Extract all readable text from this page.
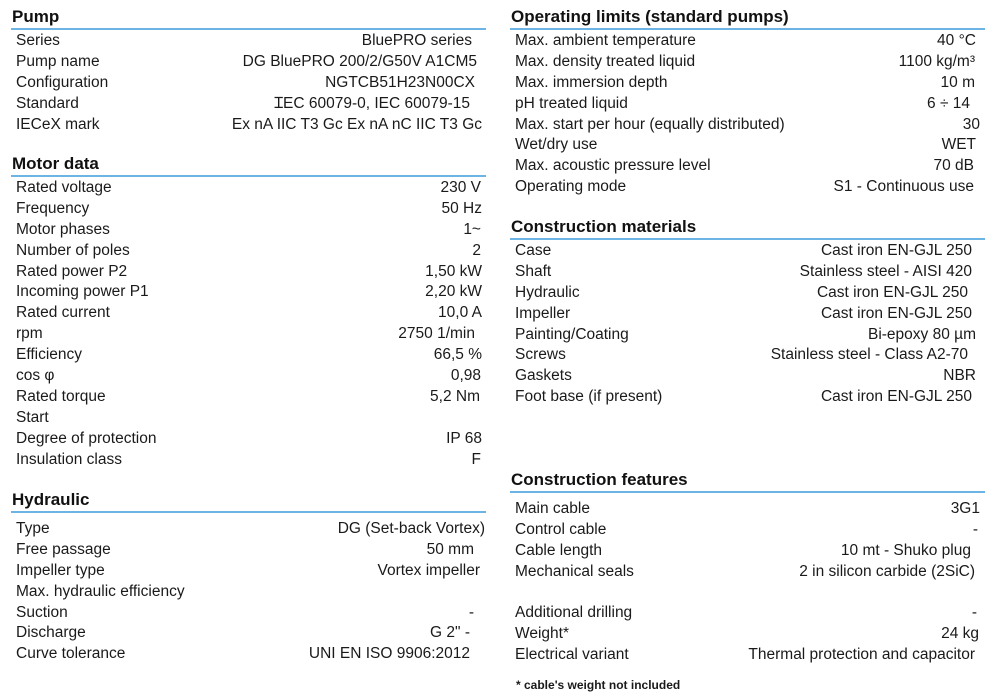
Pump
Series	BluePRO series
Pump name	DG BluePRO 200/2/G50V A1CM5
Configuration	NGTCB51H23N00CX
Standard	ꞮEC 60079-0, IEC 60079-15
IECeX mark	Ex nA IIC T3 Gc Ex nA nC IIC T3 Gc
Motor data
Rated voltage	230 V
Frequency	50 Hz
Motor phases	1~
Number of poles	2
Rated power P2	1,50 kW
Incoming power P1	2,20 kW
Rated current	10,0 A
rpm	2750 1/min
Efficiency	66,5 %
cos φ	0,98
Rated torque	5,2 Nm
Start
Degree of protection	IP 68
Insulation class	F
Hydraulic
Type	DG (Set-back Vortex)
Free passage	50 mm
Impeller type	Vortex impeller
Max. hydraulic efficiency
Suction	-
Discharge	G 2" -
Curve tolerance	UNI EN ISO 9906:2012
Operating limits (standard pumps)
Max. ambient temperature	40 °C
Max. density treated liquid	1100 kg/m³
Max. immersion depth	10 m
pH treated liquid	6 ÷ 14
Max. start per hour (equally distributed)	30
Wet/dry use	WET
Max. acoustic pressure level	70 dB
Operating mode	S1 - Continuous use
Construction materials
Case	Cast iron EN-GJL 250
Shaft	Stainless steel - AISI 420
Hydraulic	Cast iron EN-GJL 250
Impeller	Cast iron EN-GJL 250
Painting/Coating	Bi-epoxy 80 µm
Screws	Stainless steel - Class A2-70
Gaskets	NBR
Foot base (if present)	Cast iron EN-GJL 250
Construction features
Main cable	3G1
Control cable	-
Cable length	10 mt - Shuko plug
Mechanical seals	2 in silicon carbide (2SiC)
Additional drilling	-
Weight*	24 kg
Electrical variant	Thermal protection and capacitor
* cable's weight not included
